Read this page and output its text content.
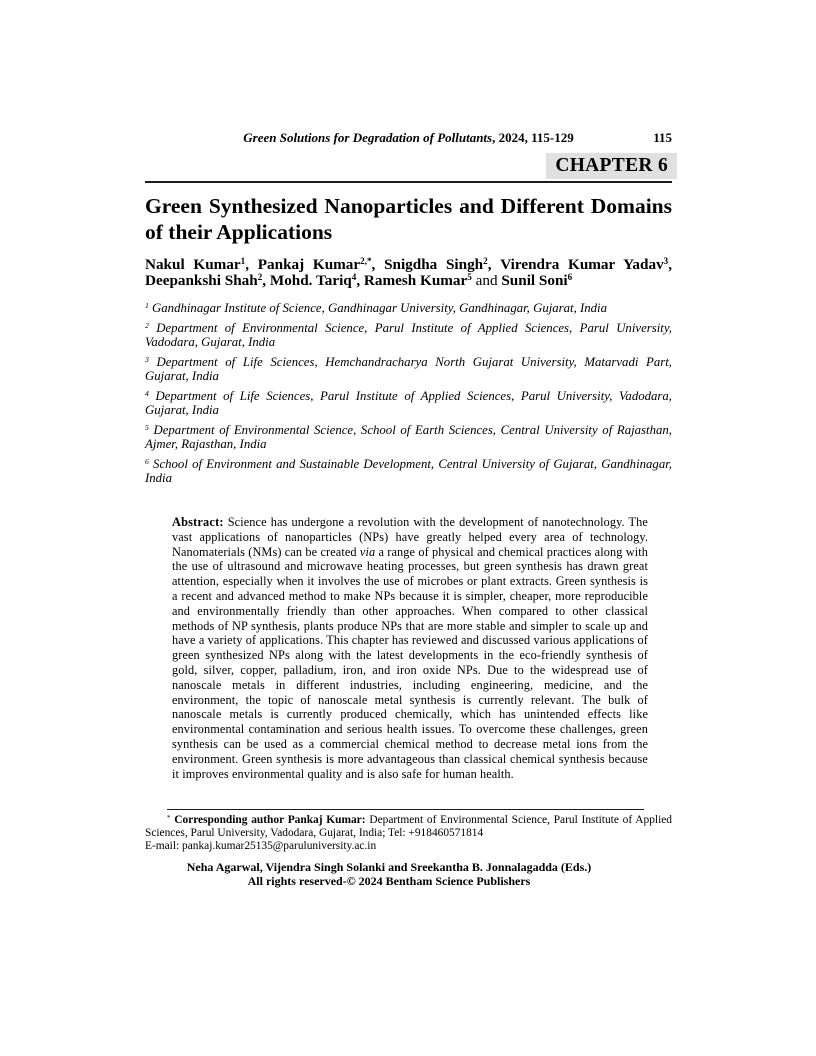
Green Solutions for Degradation of Pollutants, 2024, 115-129	115
CHAPTER 6
Green Synthesized Nanoparticles and Different Domains of their Applications

Nakul Kumar$^1$, Pankaj Kumar$^{2,*}$, Snigdha Singh$^2$, Virendra Kumar Yadav$^3$, Deepankshi Shah$^2$, Mohd. Tariq$^4$, Ramesh Kumar$^5$ and Sunil Soni$^6$

$^1$ Gandhinagar Institute of Science, Gandhinagar University, Gandhinagar, Gujarat, India

$^2$ Department of Environmental Science, Parul Institute of Applied Sciences, Parul University, Vadodara, Gujarat, India

$^3$ Department of Life Sciences, Hemchandracharya North Gujarat University, Matarvadi Part, Gujarat, India

$^4$ Department of Life Sciences, Parul Institute of Applied Sciences, Parul University, Vadodara, Gujarat, India

$^5$ Department of Environmental Science, School of Earth Sciences, Central University of Rajasthan, Ajmer, Rajasthan, India

$^6$ School of Environment and Sustainable Development, Central University of Gujarat, Gandhinagar, India

Abstract: Science has undergone a revolution with the development of nanotechnology. The vast applications of nanoparticles (NPs) have greatly helped every area of technology. Nanomaterials (NMs) can be created via a range of physical and chemical practices along with the use of ultrasound and microwave heating processes, but green synthesis has drawn great attention, especially when it involves the use of microbes or plant extracts. Green synthesis is a recent and advanced method to make NPs because it is simpler, cheaper, more reproducible and environmentally friendly than other approaches. When compared to other classical methods of NP synthesis, plants produce NPs that are more stable and simpler to scale up and have a variety of applications. This chapter has reviewed and discussed various applications of green synthesized NPs along with the latest developments in the eco-friendly synthesis of gold, silver, copper, palladium, iron, and iron oxide NPs. Due to the widespread use of nanoscale metals in different industries, including engineering, medicine, and the environment, the topic of nanoscale metal synthesis is currently relevant. The bulk of nanoscale metals is currently produced chemically, which has unintended effects like environmental contamination and serious health issues. To overcome these challenges, green synthesis can be used as a commercial chemical method to decrease metal ions from the environment. Green synthesis is more advantageous than classical chemical synthesis because it improves environmental quality and is also safe for human health.

* Corresponding author Pankaj Kumar: Department of Environmental Science, Parul Institute of Applied Sciences, Parul University, Vadodara, Gujarat, India; Tel: +918460571814

E-mail: pankaj.kumar25135@paruluniversity.ac.in

Neha Agarwal, Vijendra Singh Solanki and Sreekantha B. Jonnalagadda (Eds.)
All rights reserved-© 2024 Bentham Science Publishers
